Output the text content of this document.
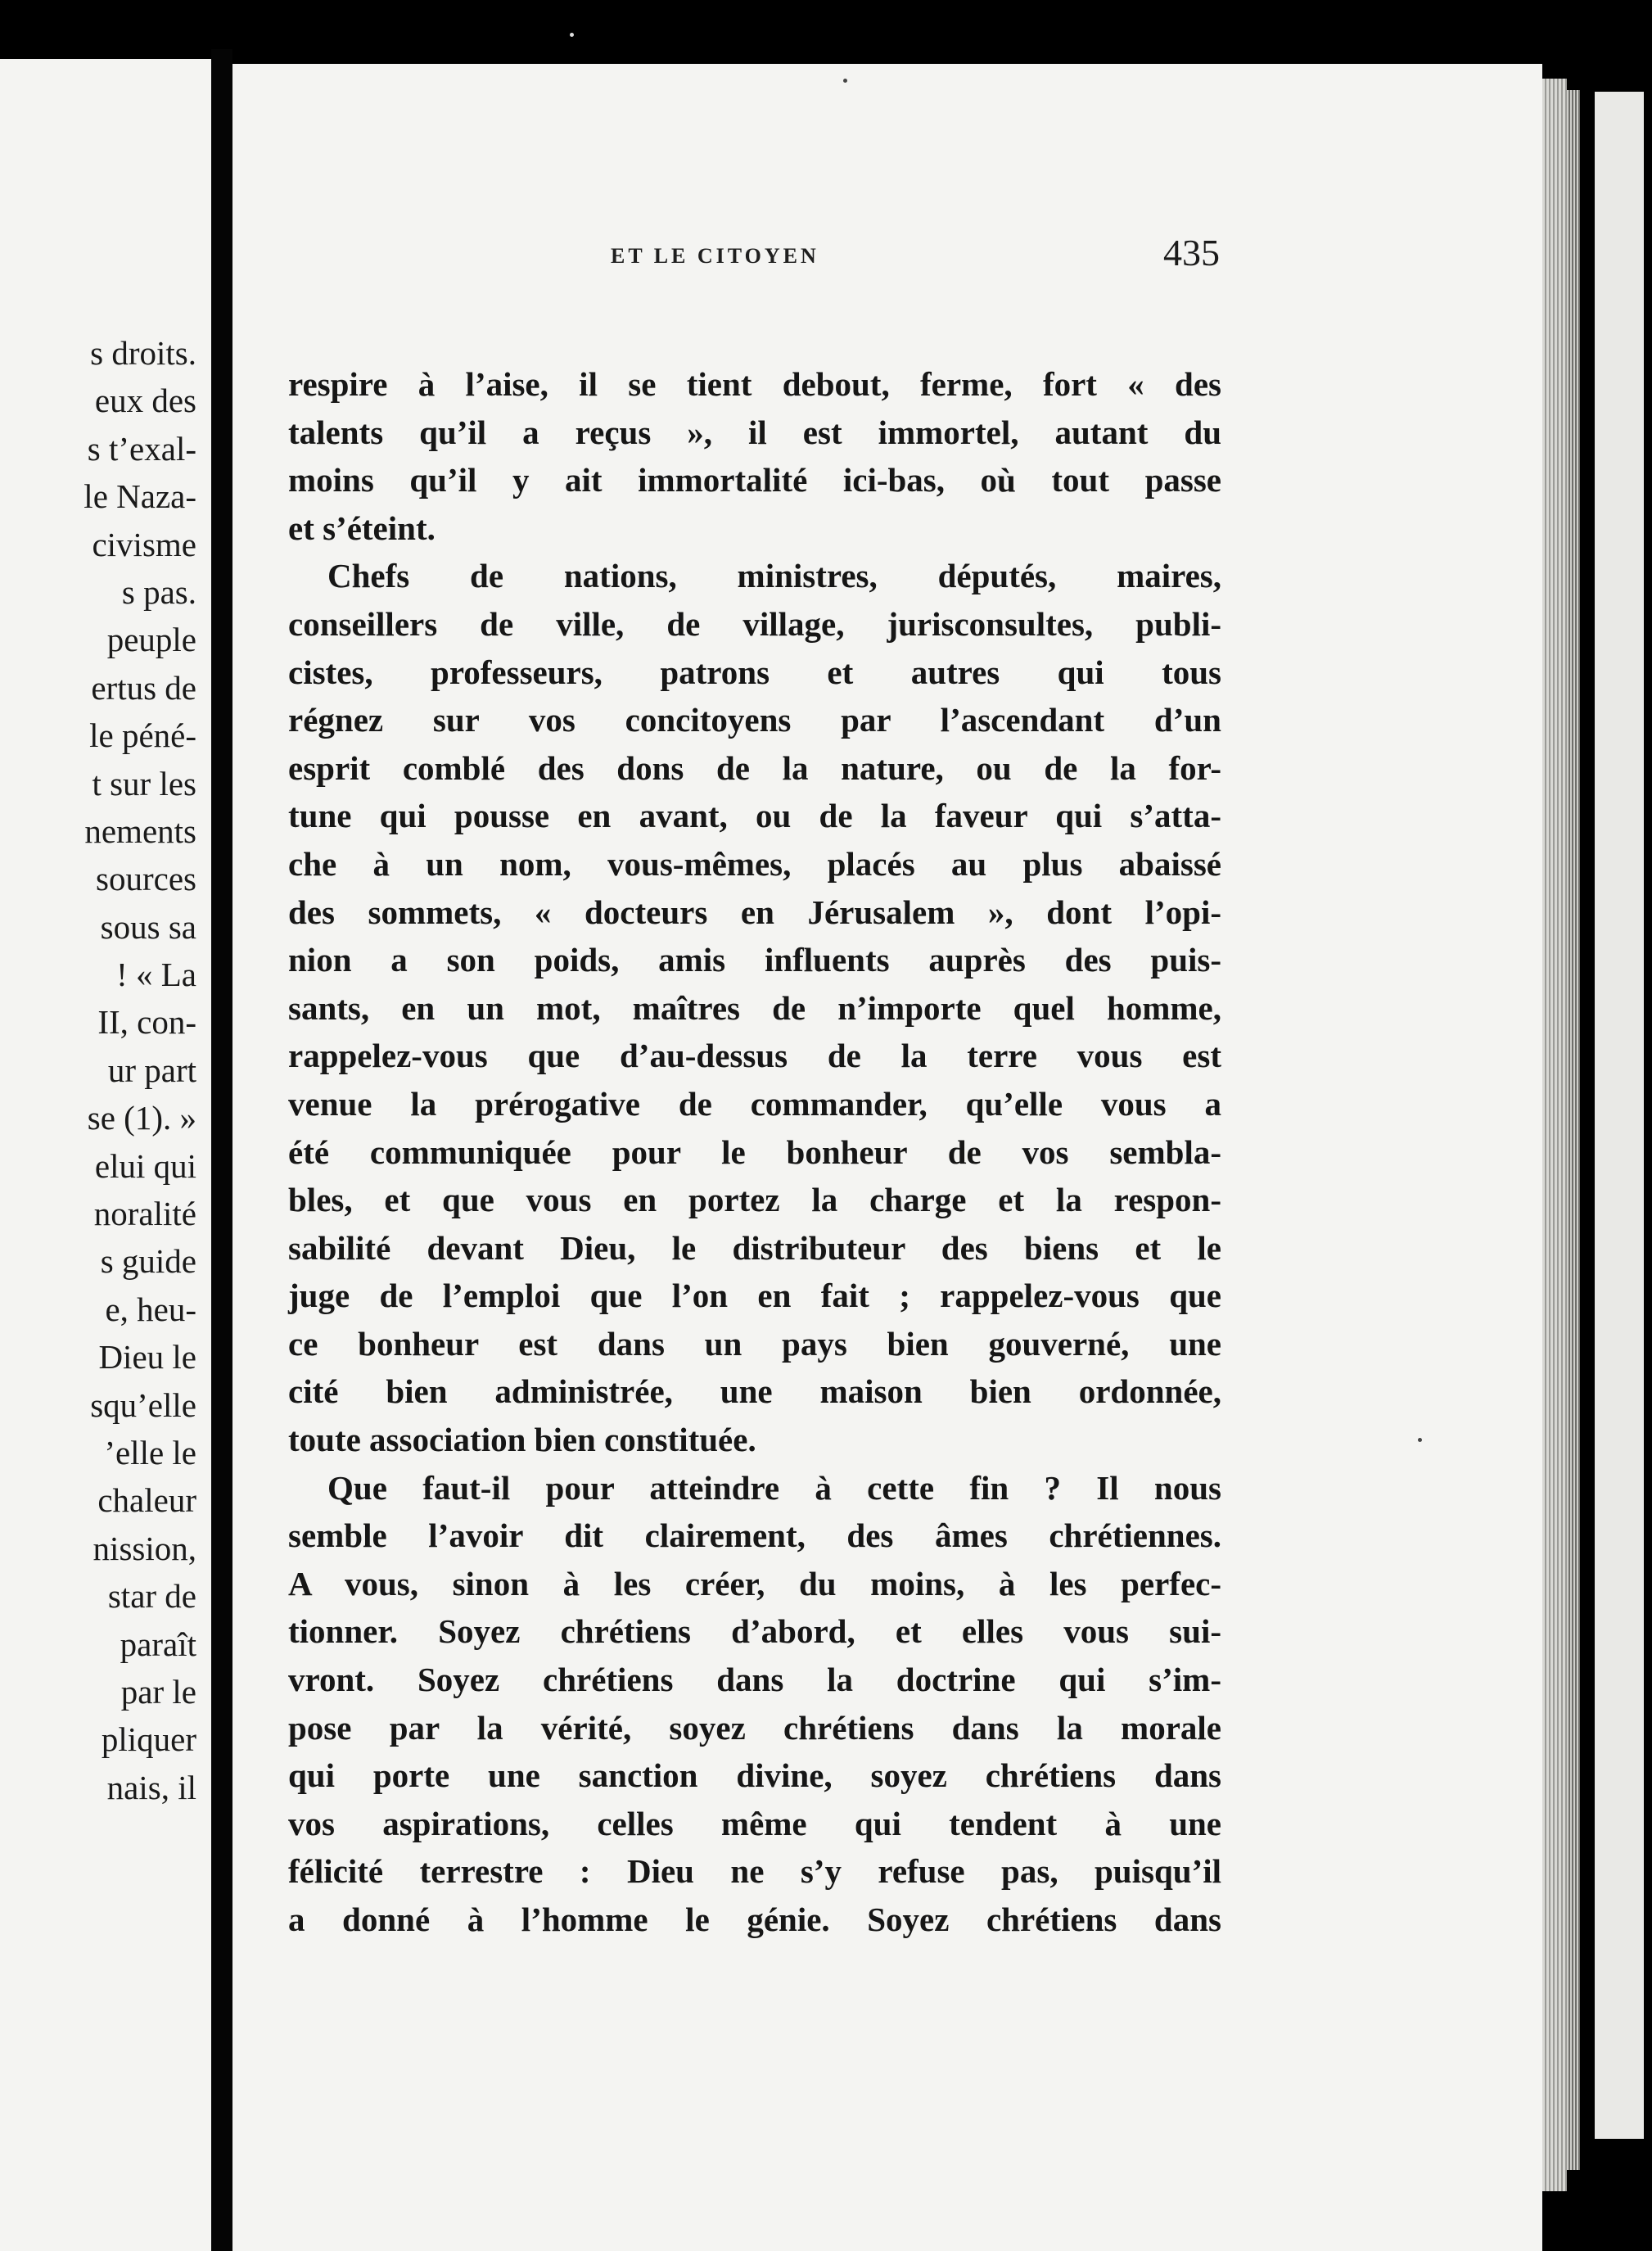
s droits.
eux des
s t’exal-
le Naza-
civisme
s pas.
peuple
ertus de
le péné-
t sur les
nements
sources
sous sa
! « La
II, con-
ur part
se (1). »
elui qui
noralité
s guide
e, heu-
Dieu le
squ’elle
’elle le
chaleur
nission,
star de
paraît
par le
pliquer
nais, il
ET LE CITOYEN	435
respire à l’aise, il se tient debout, ferme, fort « des
talents qu’il a reçus », il est immortel, autant du
moins qu’il y ait immortalité ici-bas, où tout passe
et s’éteint.
Chefs de nations, ministres, députés, maires,
conseillers de ville, de village, jurisconsultes, publi-
cistes, professeurs, patrons et autres qui tous
régnez sur vos concitoyens par l’ascendant d’un
esprit comblé des dons de la nature, ou de la for-
tune qui pousse en avant, ou de la faveur qui s’atta-
che à un nom, vous-mêmes, placés au plus abaissé
des sommets, « docteurs en Jérusalem », dont l’opi-
nion a son poids, amis influents auprès des puis-
sants, en un mot, maîtres de n’importe quel homme,
rappelez-vous que d’au-dessus de la terre vous est
venue la prérogative de commander, qu’elle vous a
été communiquée pour le bonheur de vos sembla-
bles, et que vous en portez la charge et la respon-
sabilité devant Dieu, le distributeur des biens et le
juge de l’emploi que l’on en fait ; rappelez-vous que
ce bonheur est dans un pays bien gouverné, une
cité bien administrée, une maison bien ordonnée,
toute association bien constituée.
Que faut-il pour atteindre à cette fin ? Il nous
semble l’avoir dit clairement, des âmes chrétiennes.
A vous, sinon à les créer, du moins, à les perfec-
tionner. Soyez chrétiens d’abord, et elles vous sui-
vront. Soyez chrétiens dans la doctrine qui s’im-
pose par la vérité, soyez chrétiens dans la morale
qui porte une sanction divine, soyez chrétiens dans
vos aspirations, celles même qui tendent à une
félicité terrestre : Dieu ne s’y refuse pas, puisqu’il
a donné à l’homme le génie. Soyez chrétiens dans
